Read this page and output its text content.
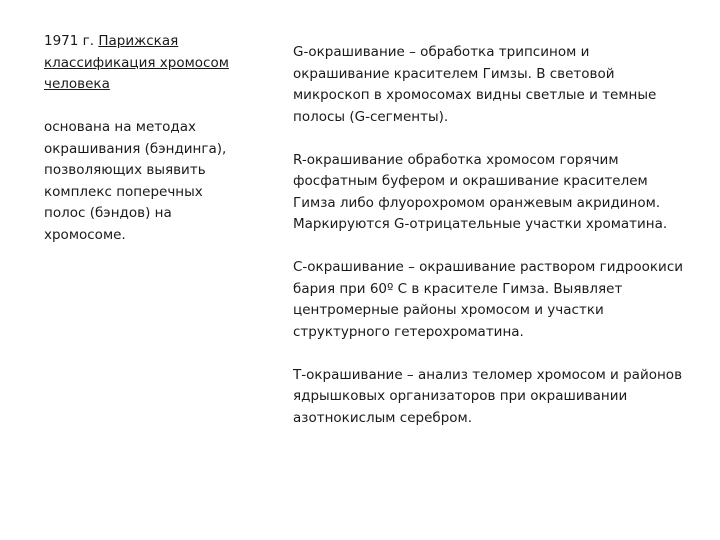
1971 г. Парижская классификация хромосом человека

основана на методах окрашивания (бэндинга), позволяющих выявить комплекс поперечных полос (бэндов) на хромосоме.

G-окрашивание – обработка трипсином и окрашивание красителем Гимзы. В световой микроскоп в хромосомах видны светлые и темные полосы (G-сегменты).

R-окрашивание обработка хромосом горячим фосфатным буфером и окрашивание красителем Гимза либо флуорохромом оранжевым акридином. Маркируются G-отрицательные участки хроматина.

С-окрашивание – окрашивание раствором гидроокиси бария при 60º С в красителе Гимза. Выявляет центромерные районы хромосом и участки структурного гетерохроматина.

Т-окрашивание – анализ теломер хромосом и районов ядрышковых организаторов при окрашивании азотнокислым серебром.
